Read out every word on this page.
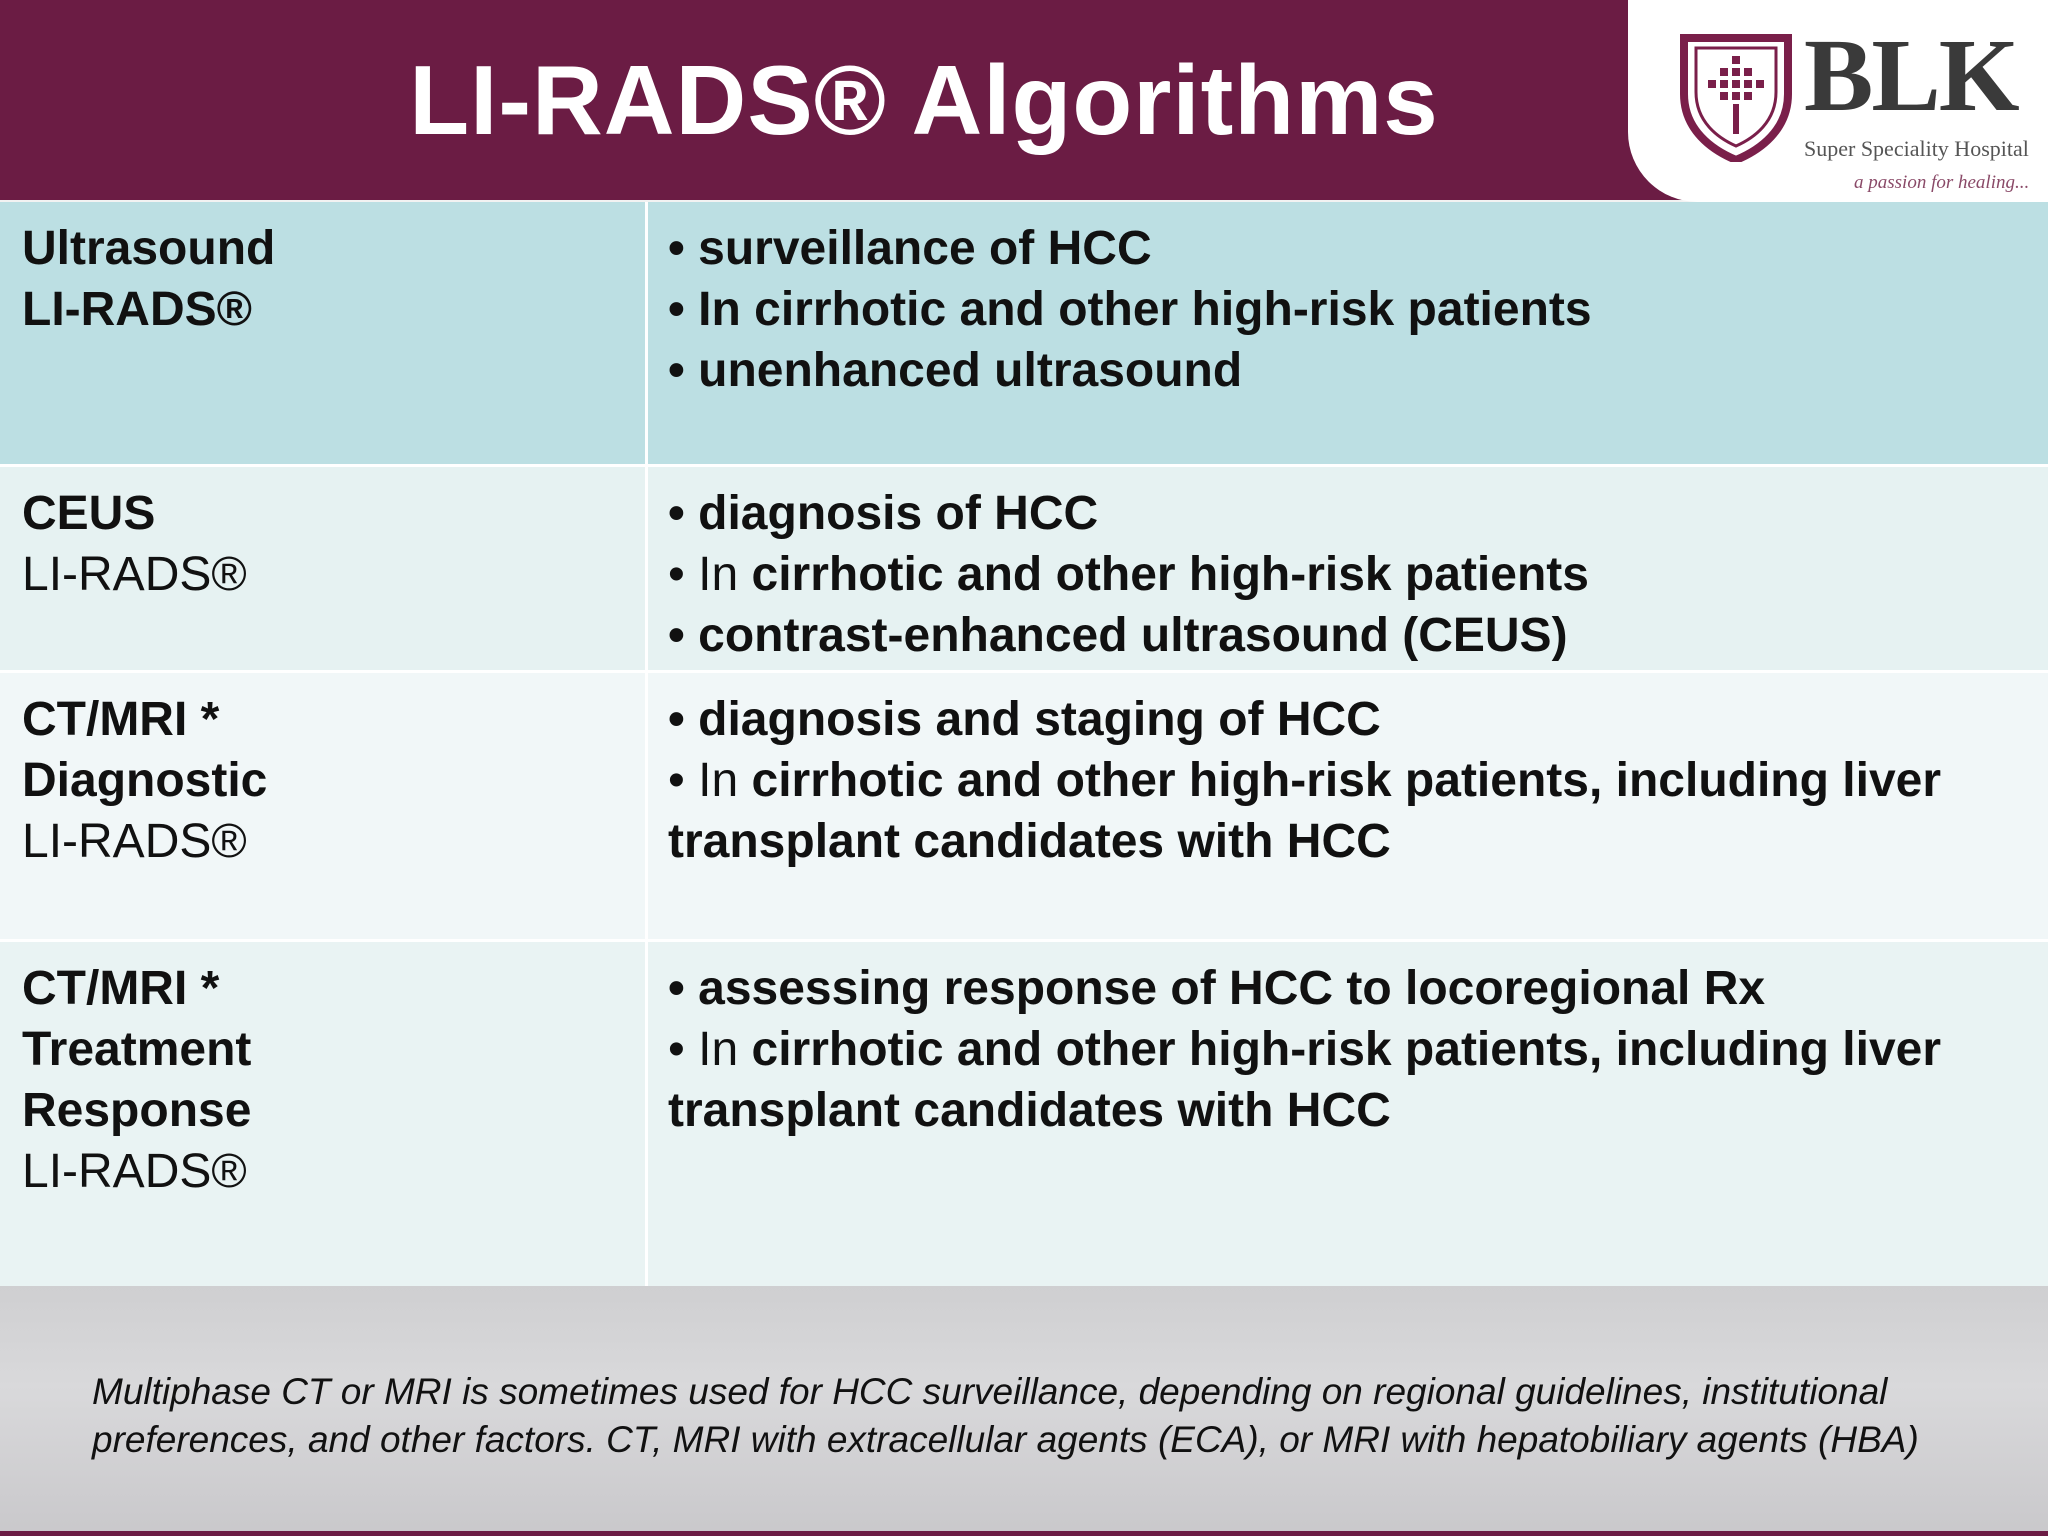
LI-RADS® Algorithms	BLK
Super Speciality Hospital
a passion for healing...
Ultrasound
LI-RADS®
• surveillance of HCC
• In cirrhotic and other high-risk patients
• unenhanced ultrasound
CEUS
LI-RADS®
• diagnosis of HCC
• In cirrhotic and other high-risk patients
• contrast-enhanced ultrasound (CEUS)
CT/MRI *
Diagnostic
LI-RADS®
• diagnosis and staging of HCC
• In cirrhotic and other high-risk patients, including liver transplant candidates with HCC
CT/MRI *
Treatment
Response
LI-RADS®
• assessing response of HCC to locoregional Rx
• In cirrhotic and other high-risk patients, including liver transplant candidates with HCC
Multiphase CT or MRI is sometimes used for HCC surveillance, depending on regional guidelines, institutional preferences, and other factors. CT, MRI with extracellular agents (ECA), or MRI with hepatobiliary agents (HBA)
